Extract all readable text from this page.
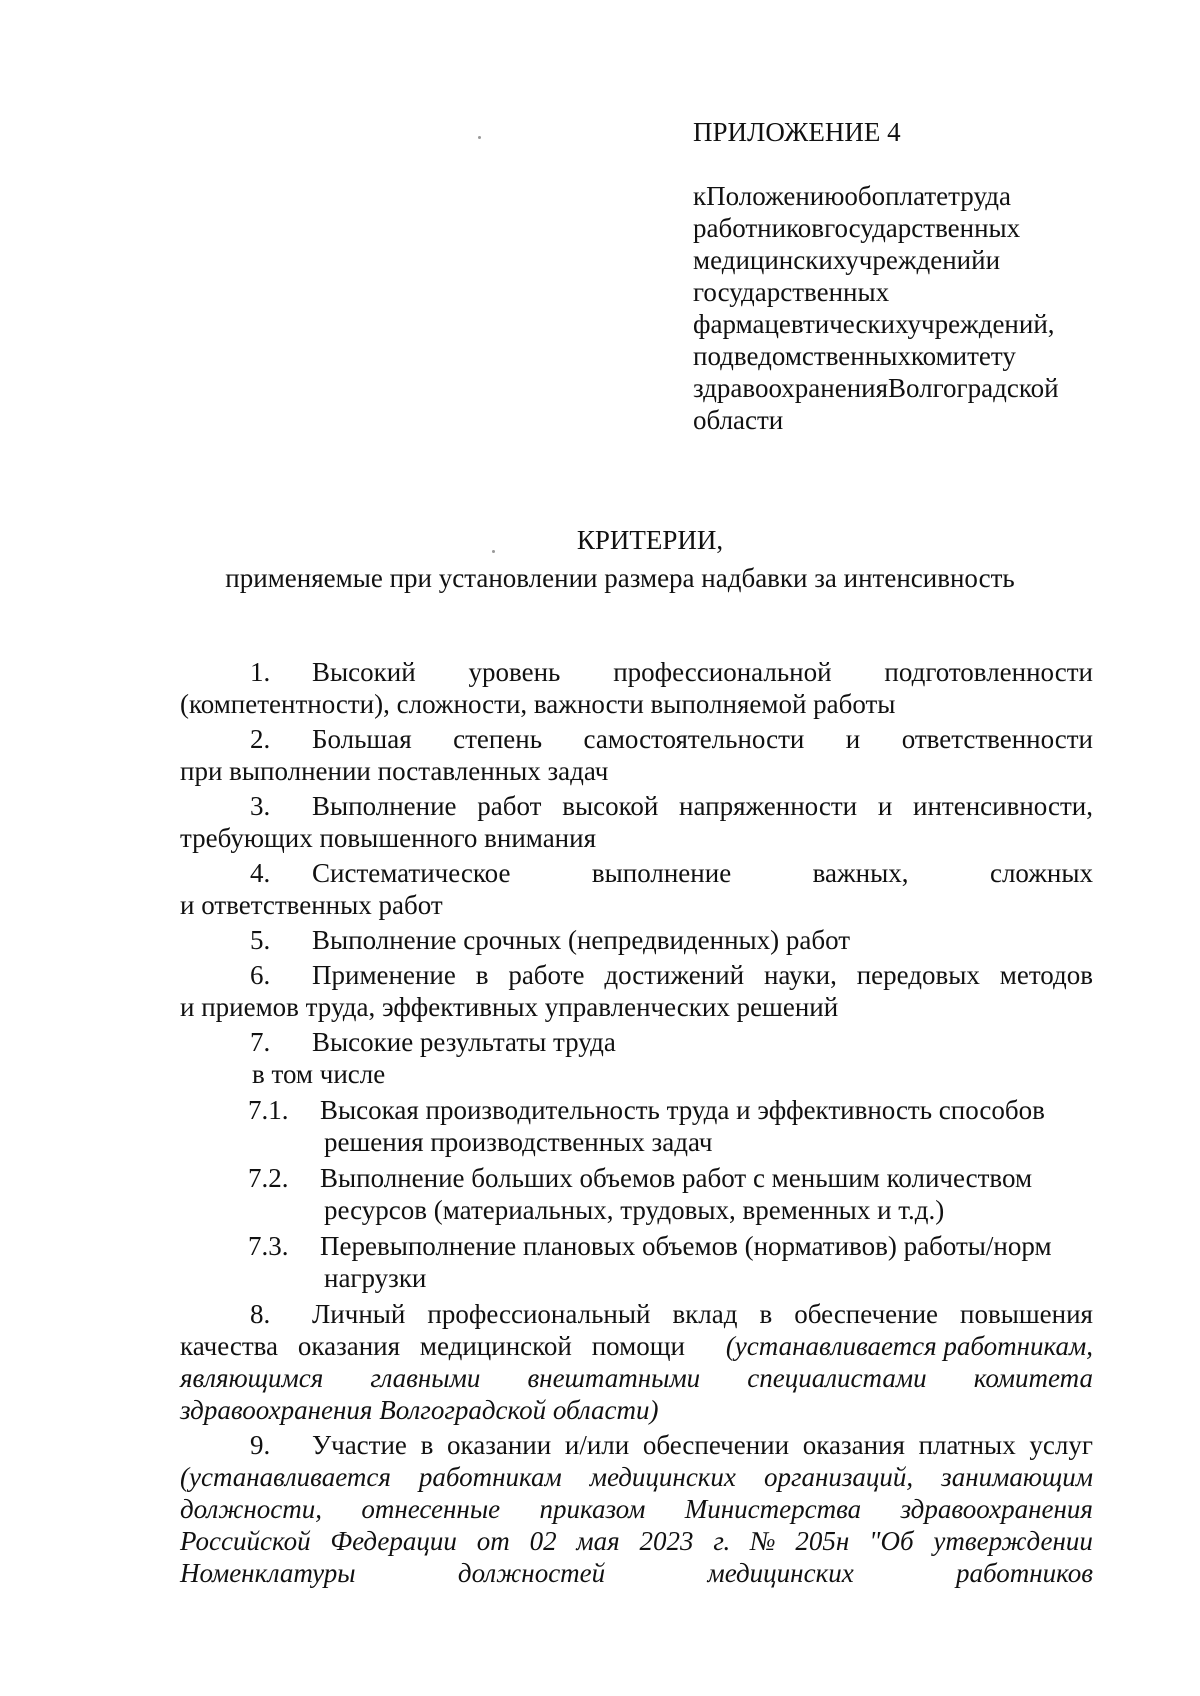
ПРИЛОЖЕНИЕ 4
кПоложениюобоплатетруда
работниковгосударственных
медицинскихучрежденийи
государственных
фармацевтическихучреждений,
подведомственныхкомитету
здравоохраненияВолгоградской
области
КРИТЕРИИ,
применяемые при установлении размера надбавки за интенсивность
1.	Высокий уровень профессиональной подготовленности
(компетентности), сложности, важности выполняемой работы
2.	Большая степень самостоятельности и ответственности
при выполнении поставленных задач
3.	Выполнение работ высокой напряженности и интенсивности,
требующих повышенного внимания
4.	Систематическое	выполнение	важных,	сложных
и ответственных работ
5.	Выполнение срочных (непредвиденных) работ
6.	Применение в работе достижений науки, передовых методов
и приемов труда, эффективных управленческих решений
7.	Высокие результаты труда
в том числе
7.1.	Высокая производительность труда и эффективность способов
решения производственных задач
7.2.	Выполнение больших объемов работ с меньшим количеством
ресурсов (материальных, трудовых, временных и т.д.)
7.3.	Перевыполнение плановых объемов (нормативов) работы/норм
нагрузки
8.	Личный профессиональный вклад в обеспечение повышения
качества оказания медицинской помощи (устанавливается работникам,
являющимся главными внештатными специалистами комитета
здравоохранения Волгоградской области)
9.	Участие в оказании и/или обеспечении оказания платных услуг
(устанавливается работникам медицинских организаций, занимающим
должности, отнесенные приказом Министерства здравоохранения
Российской Федерации от 02 мая 2023 г. № 205н "Об утверждении
Номенклатуры	должностей	медицинских	работников
